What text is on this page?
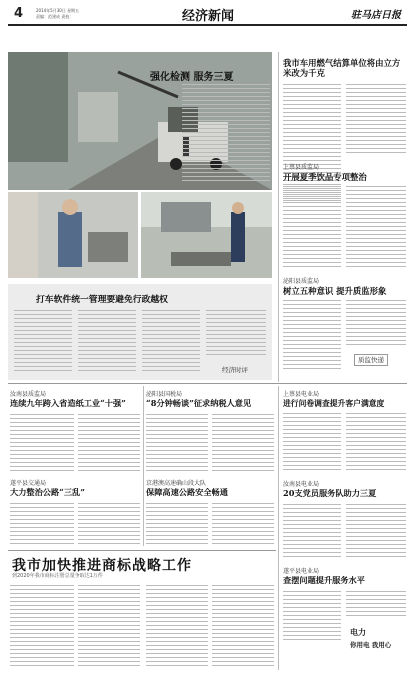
4	2014年5月30日 星期五
责编：范建成 责校：	经济新闻	驻马店日报
强化检测 服务三夏
我市车用燃气结算单位将由立方米改为千克
上蔡县质监局
开展夏季饮品专项整治
泌阳县质监局
树立五种意识 提升质监形象
质监快递
打车软件统一管理要避免行政越权
经济时评
汝南县质监局
连续九年跨入省造纸工业“十强”
遂平县交通局
大力整治公路“三乱”
泌阳县国税局
“8分钟畅谈”征求纳税人意见
京港澳高速确山段大队
保障高速公路安全畅通
上蔡县电业局
进行问卷调查提升客户满意度
汝南县电业局
20支党员服务队助力三夏
遂平县电业局
查摆问题提升服务水平
电力
你用电 我用心
我市加快推进商标战略工作
到2020年我市商标注册总量争取达1万件
